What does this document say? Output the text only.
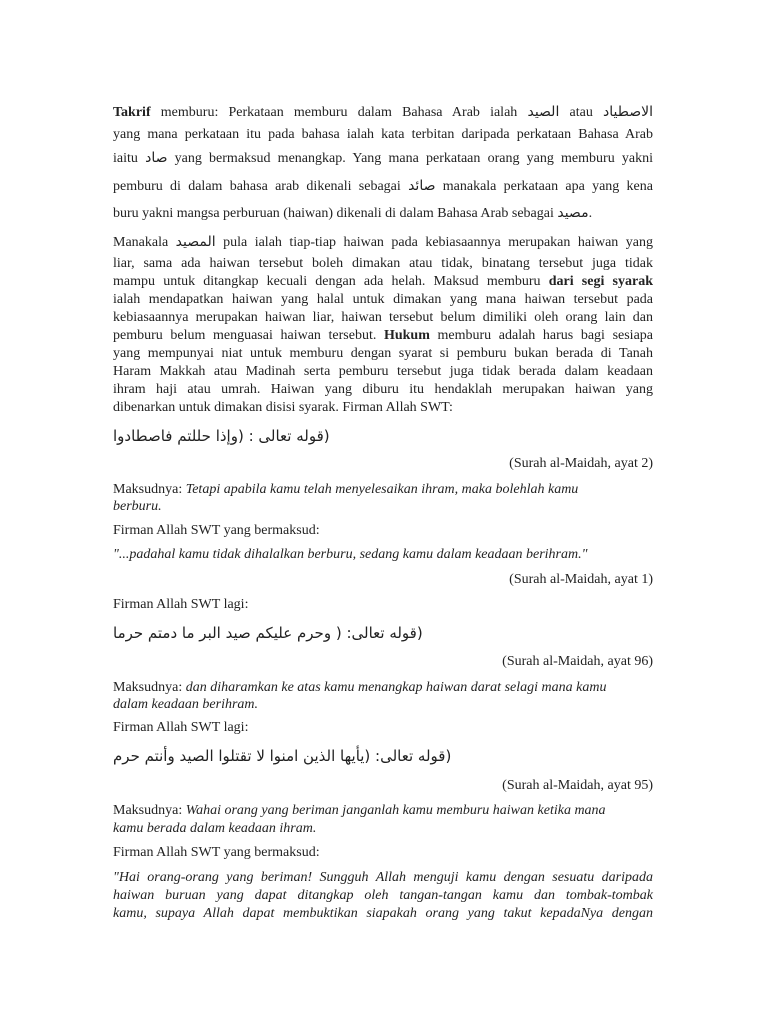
Takrif memburu: Perkataan memburu dalam Bahasa Arab ialah الصيد atau الاصطياد
yang mana perkataan itu pada bahasa ialah kata terbitan daripada perkataan Bahasa Arab
iaitu صاد yang bermaksud menangkap. Yang mana perkataan orang yang memburu yakni
pemburu di dalam bahasa arab dikenali sebagai صائد manakala perkataan apa yang kena
buru yakni mangsa perburuan (haiwan) dikenali di dalam Bahasa Arab sebagai مصيد.
Manakala المصيد pula ialah tiap-tiap haiwan pada kebiasaannya merupakan haiwan yang
liar, sama ada haiwan tersebut boleh dimakan atau tidak, binatang tersebut juga tidak
mampu untuk ditangkap kecuali dengan ada helah. Maksud memburu dari segi syarak
ialah mendapatkan haiwan yang halal untuk dimakan yang mana haiwan tersebut pada
kebiasaannya merupakan haiwan liar, haiwan tersebut belum dimiliki oleh orang lain dan
pemburu belum menguasai haiwan tersebut. Hukum memburu adalah harus bagi sesiapa
yang mempunyai niat untuk memburu dengan syarat si pemburu bukan berada di Tanah
Haram Makkah atau Madinah serta pemburu tersebut juga tidak berada dalam keadaan
ihram haji atau umrah. Haiwan yang diburu itu hendaklah merupakan haiwan yang
dibenarkan untuk dimakan disisi syarak. Firman Allah SWT:
(قوله تعالى : (وإذا حللتم فاصطادوا
(Surah al-Maidah, ayat 2)
Maksudnya: Tetapi apabila kamu telah menyelesaikan ihram, maka bolehlah kamu
berburu.
Firman Allah SWT yang bermaksud:
"...padahal kamu tidak dihalalkan berburu, sedang kamu dalam keadaan berihram."
(Surah al-Maidah, ayat 1)
Firman Allah SWT lagi:
(قوله تعالى: ( وحرم عليكم صيد البر ما دمتم حرما
(Surah al-Maidah, ayat 96)
Maksudnya: dan diharamkan ke atas kamu menangkap haiwan darat selagi mana kamu
dalam keadaan berihram.
Firman Allah SWT lagi:
(قوله تعالى: (يأيها الذين امنوا لا تقتلوا الصيد وأنتم حرم
(Surah al-Maidah, ayat 95)
Maksudnya: Wahai orang yang beriman janganlah kamu memburu haiwan ketika mana
kamu berada dalam keadaan ihram.
Firman Allah SWT yang bermaksud:
"Hai orang-orang yang beriman! Sungguh Allah menguji kamu dengan sesuatu daripada
haiwan buruan yang dapat ditangkap oleh tangan-tangan kamu dan tombak-tombak
kamu, supaya Allah dapat membuktikan siapakah orang yang takut kepadaNya dengan
